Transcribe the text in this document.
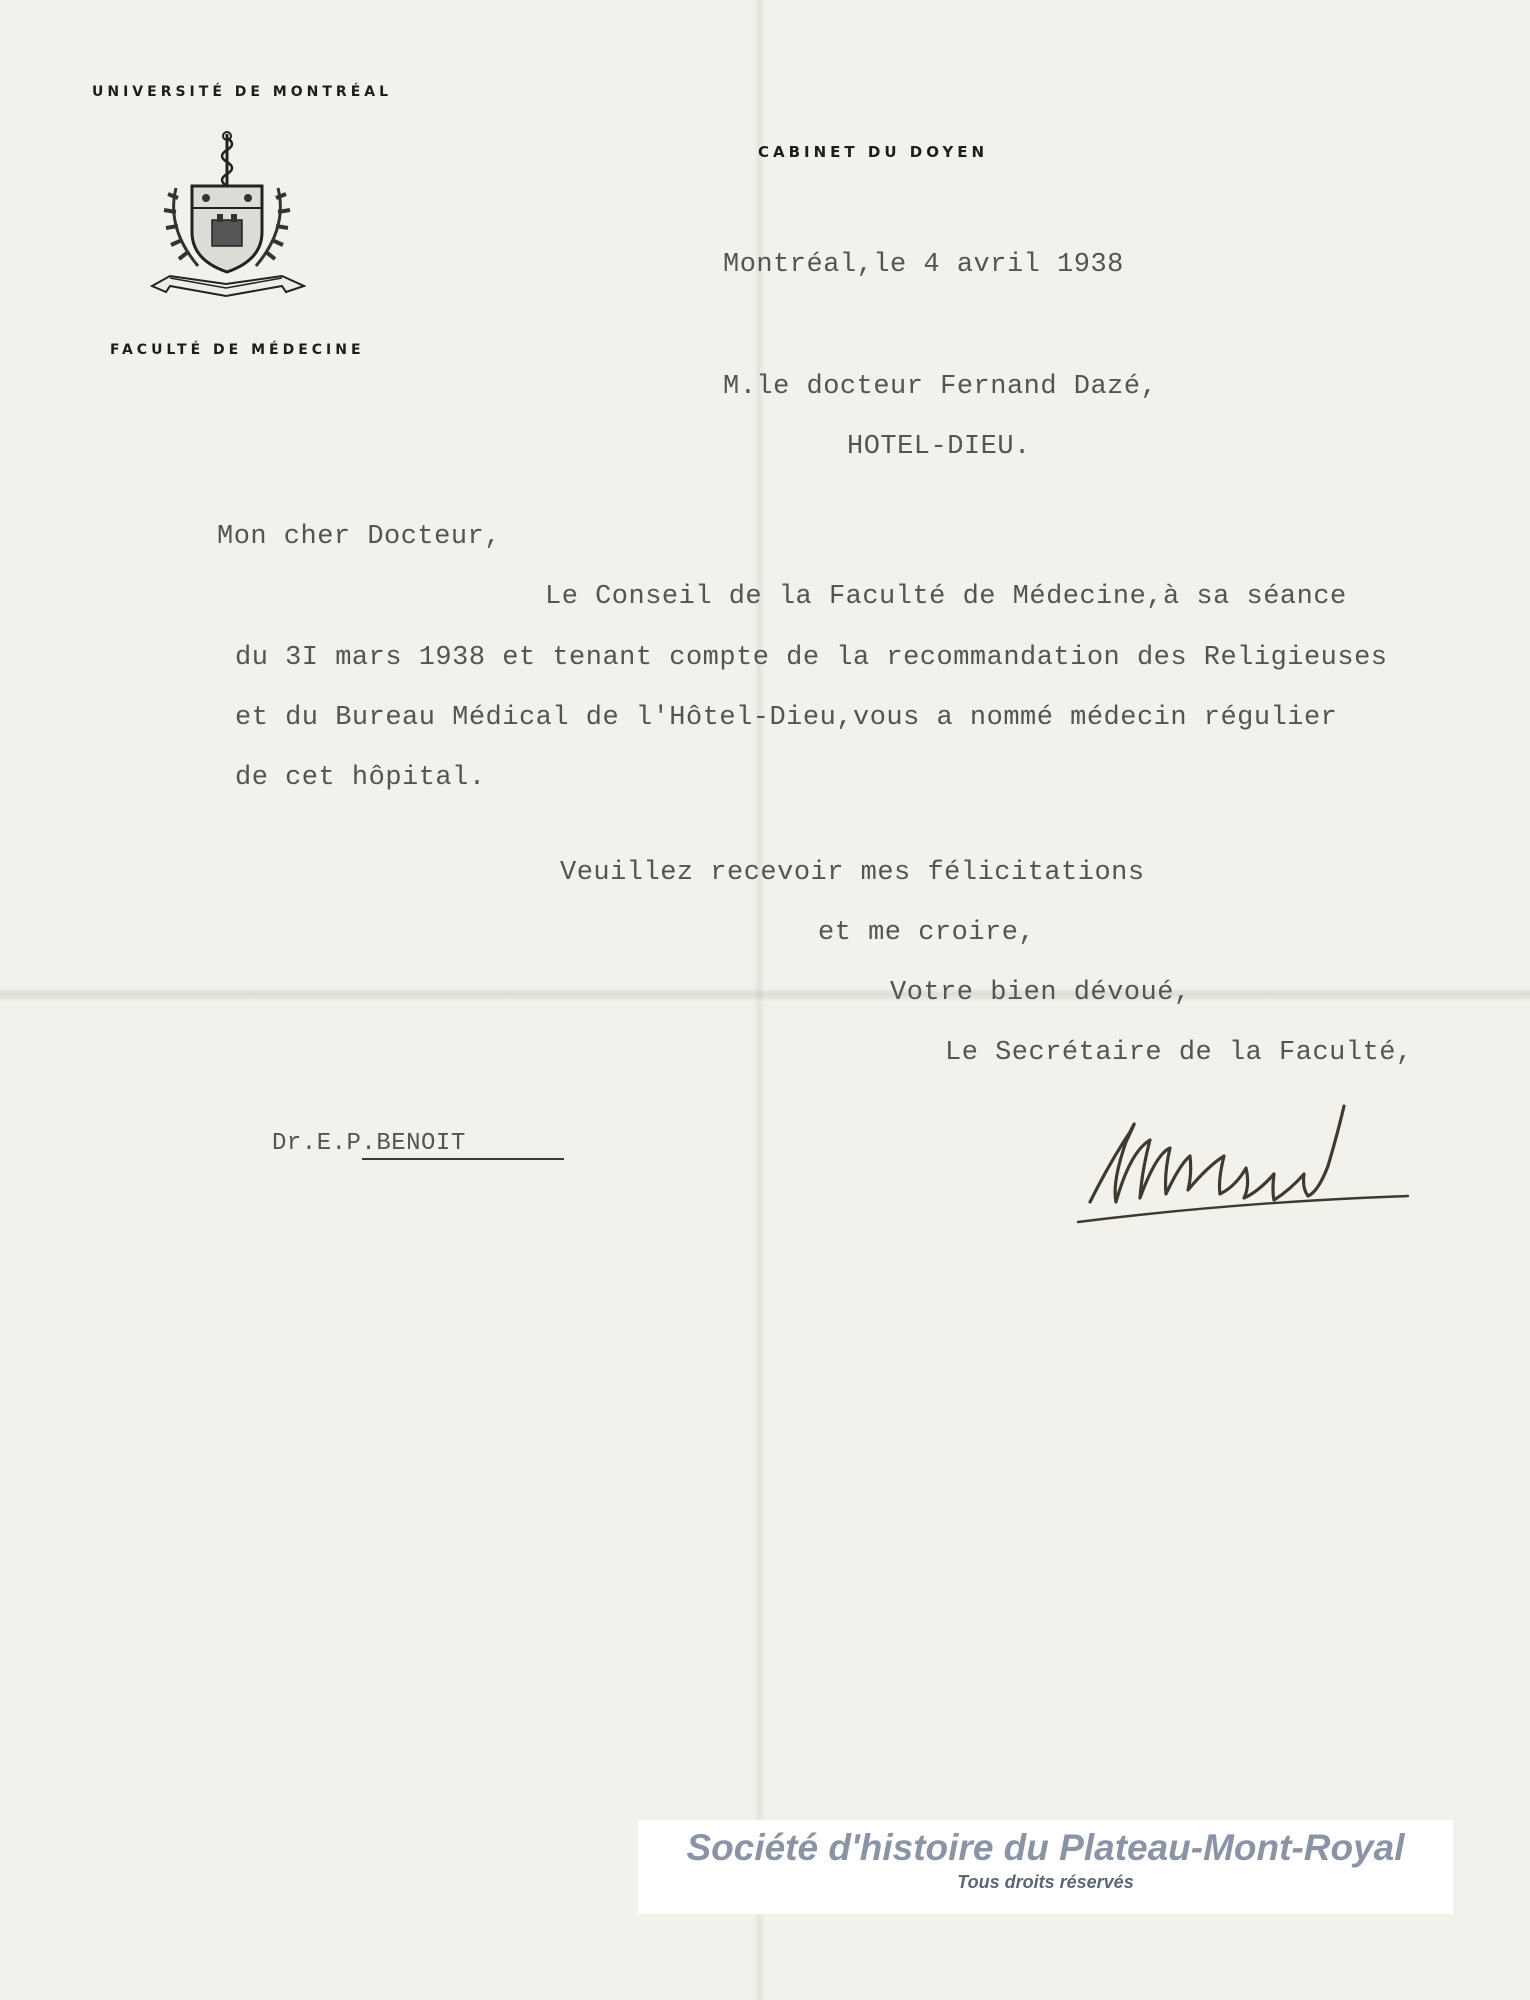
UNIVERSITÉ DE MONTRÉAL
FACULTÉ DE MÉDECINE
CABINET DU DOYEN
Montréal,le 4 avril 1938
M.le docteur Fernand Dazé,
HOTEL-DIEU.
Mon cher Docteur,
Le Conseil de la Faculté de Médecine,à sa séance
du 3I mars 1938 et tenant compte de la recommandation des Religieuses
et du Bureau Médical de l'Hôtel-Dieu,vous a nommé médecin régulier
de cet hôpital.
Veuillez recevoir mes félicitations
et me croire,
Votre bien dévoué,
Le Secrétaire de la Faculté,
Dr.E.P.BENOIT
Société d'histoire du Plateau-Mont-Royal
Tous droits réservés
